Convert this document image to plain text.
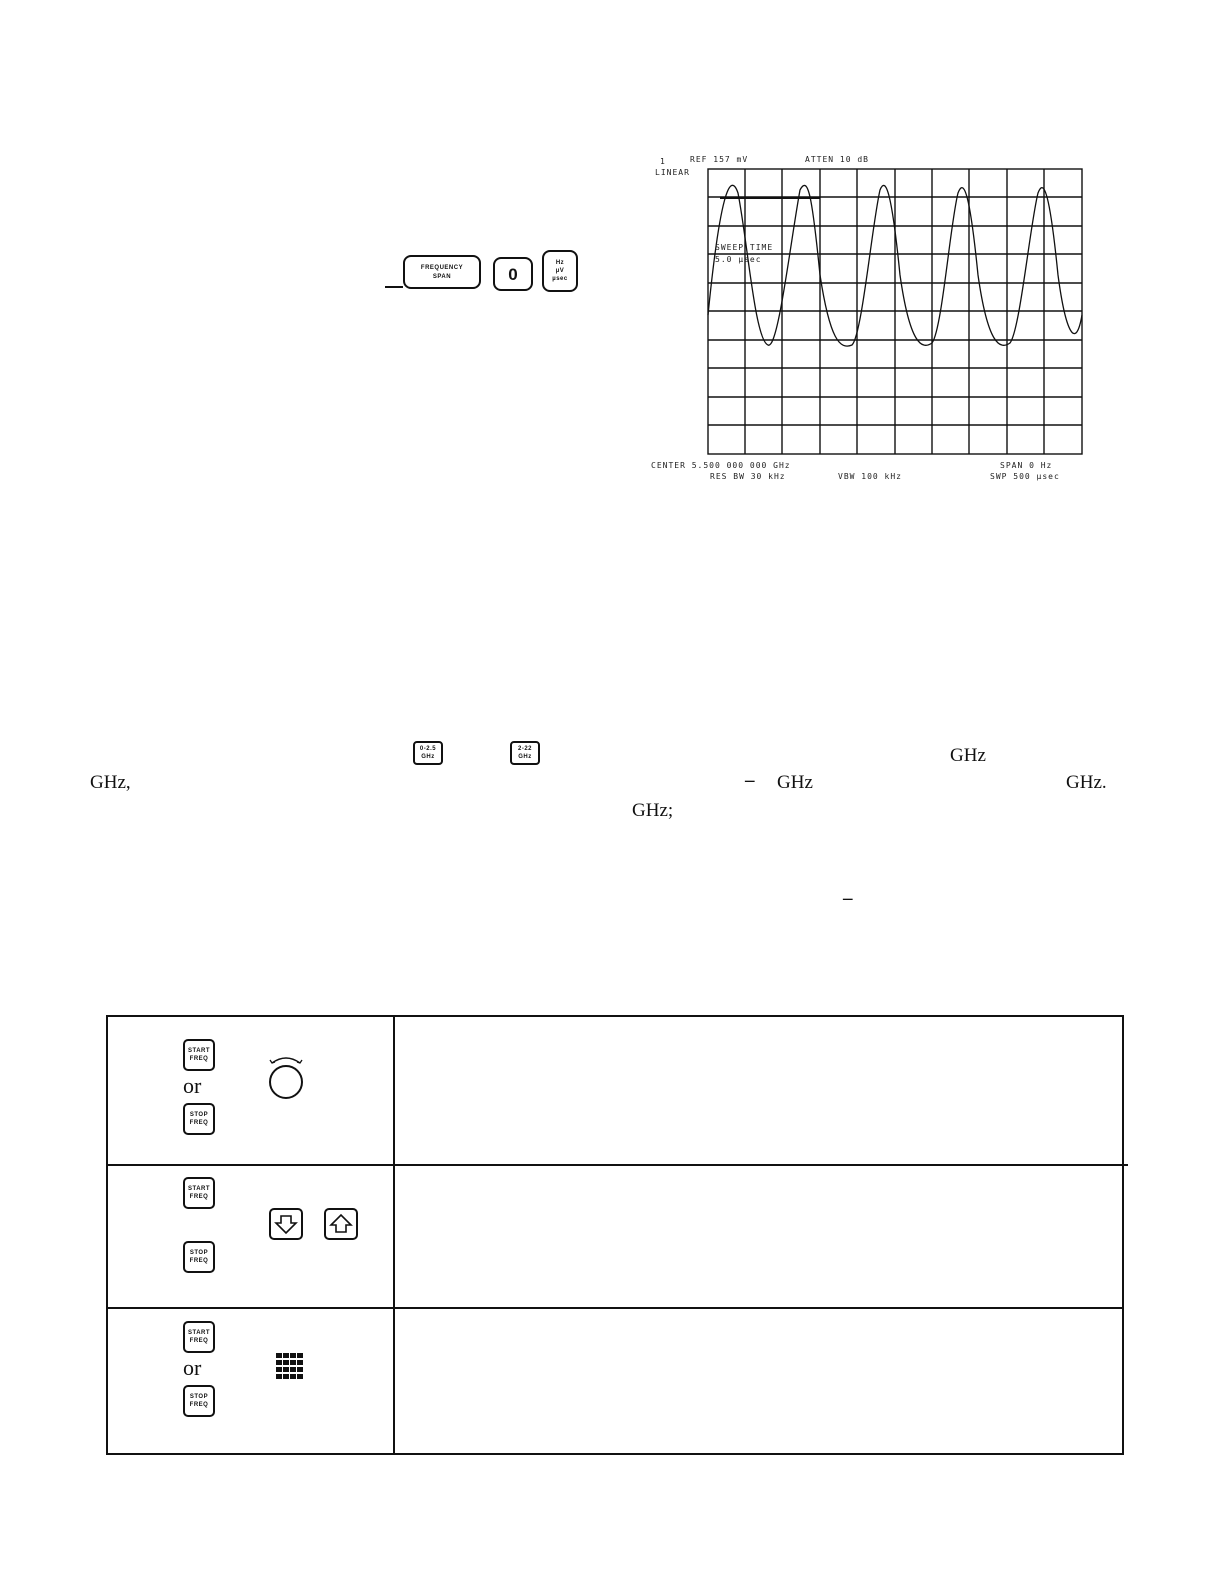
FREQUENCY
SPAN	0
Hz
µV
µsec
1	REF 157 mV	ATTEN 10 dB
LINEAR
SWEEP TIME
5.0 µsec
CENTER 5.500 000 000 GHz	SPAN 0 Hz
RES BW 30 kHz	VBW 100 kHz	SWP 500 µsec
0-2.5
GHz
2-22
GHz	GHz
GHz,	– GHz	GHz.
GHz;
–
START
FREQ
or
STOP
FREQ
START
FREQ
STOP
FREQ
START
FREQ
or
STOP
FREQ
